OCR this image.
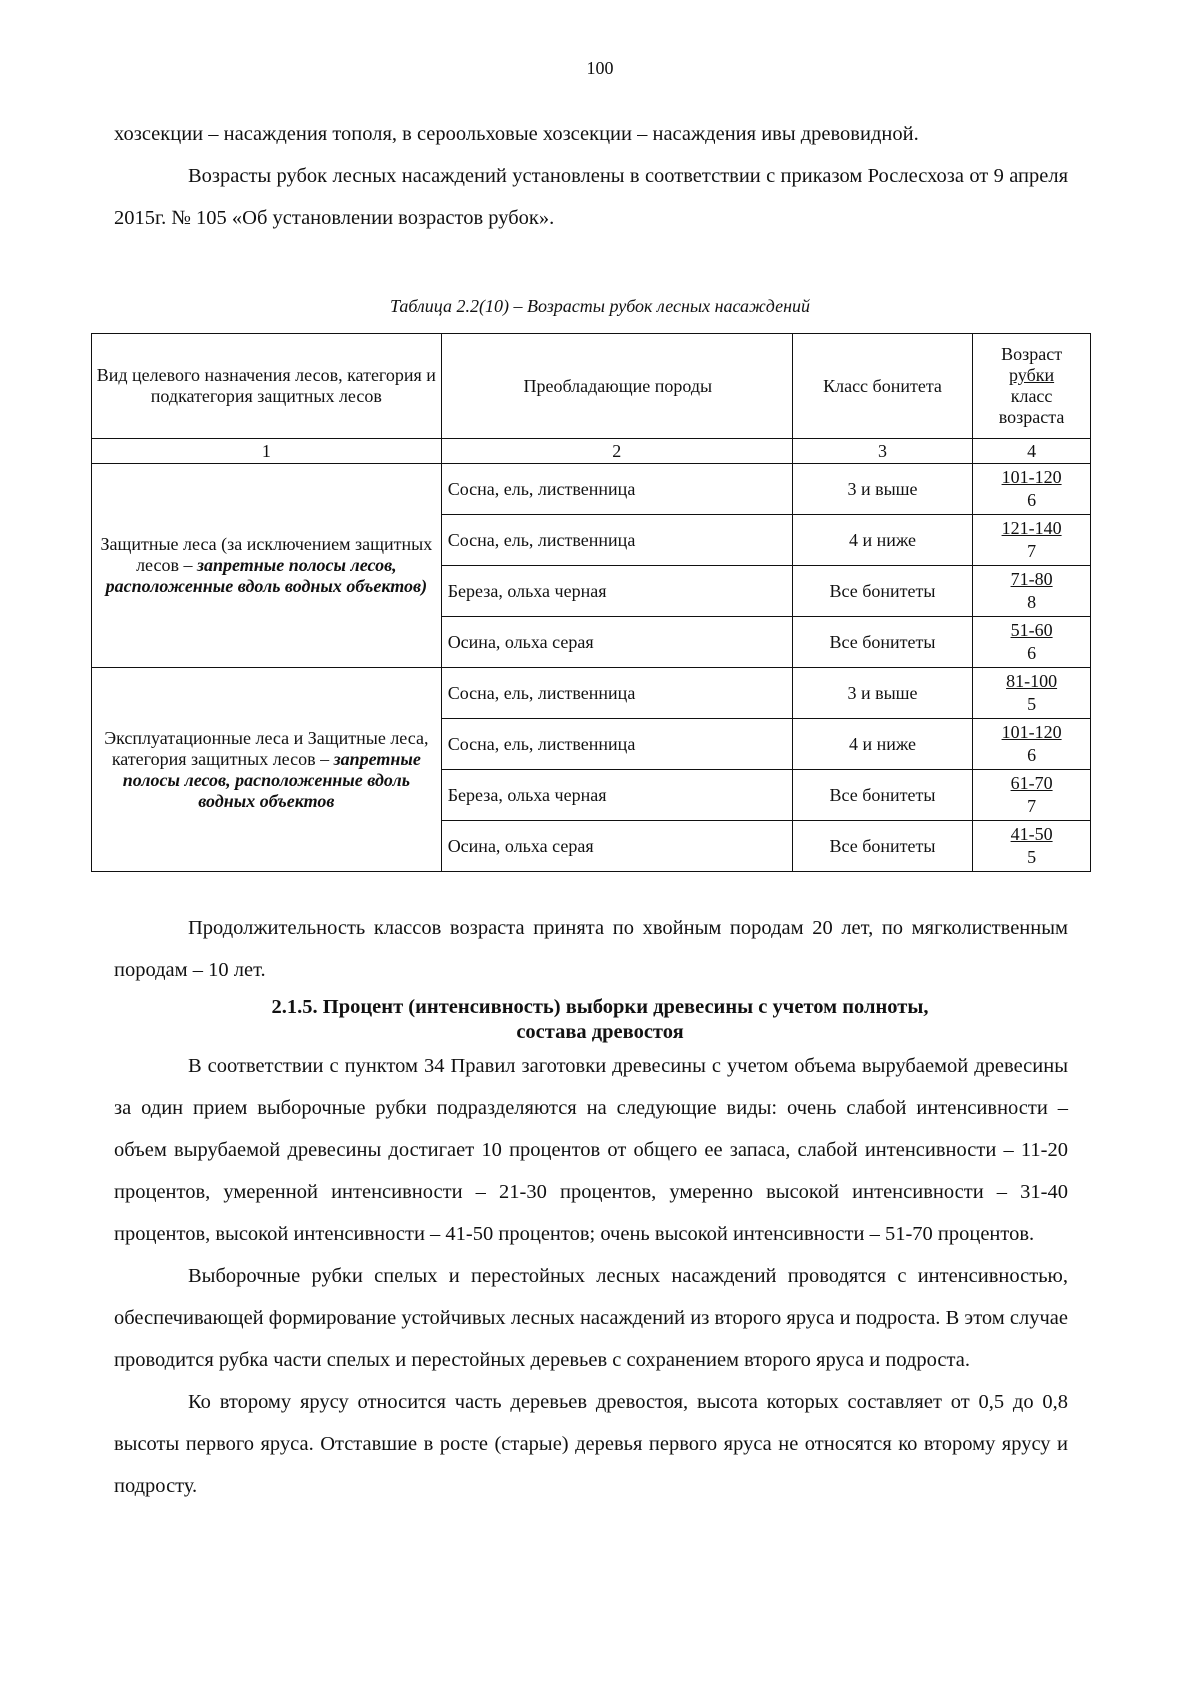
100

хозсекции – насаждения тополя, в сероольховые хозсекции – насаждения ивы древовидной.

Возрасты рубок лесных насаждений установлены в соответствии с приказом Рослесхоза от 9 апреля 2015г. № 105 «Об установлении возрастов рубок».

Таблица 2.2(10) – Возрасты рубок лесных насаждений
Вид целевого назначения лесов, категория и подкатегория защитных лесов	Преобладающие породы	Класс бонитета	Возраст
рубки
класс возраста

1	2	3	4
Защитные леса (за исключением защитных лесов – запретные полосы лесов, расположенные вдоль водных объектов)	Сосна, ель, лиственница	3 и выше	$\frac{101-120}{6}$

	Сосна, ель, лиственница	4 и ниже	$\frac{121-140}{7}$

	Береза, ольха черная	Все бонитеты	$\frac{71-80}{8}$

	Осина, ольха серая	Все бонитеты	$\frac{51-60}{6}$

Эксплуатационные леса и Защитные леса, категория защитных лесов – запретные полосы лесов, расположенные вдоль водных объектов	Сосна, ель, лиственница	3 и выше	$\frac{81-100}{5}$

	Сосна, ель, лиственница	4 и ниже	$\frac{101-120}{6}$

	Береза, ольха черная	Все бонитеты	$\frac{61-70}{7}$

	Осина, ольха серая	Все бонитеты	$\frac{41-50}{5}$

Продолжительность классов возраста принята по хвойным породам 20 лет, по мягколиственным породам – 10 лет.

2.1.5. Процент (интенсивность) выборки древесины с учетом полноты,
состава древостоя

В соответствии с пунктом 34 Правил заготовки древесины с учетом объема вырубаемой древесины за один прием выборочные рубки подразделяются на следующие виды: очень слабой интенсивности – объем вырубаемой древесины достигает 10 процентов от общего ее запаса, слабой интенсивности – 11-20 процентов, умеренной интенсивности – 21-30 процентов, умеренно высокой интенсивности – 31-40 процентов, высокой интенсивности – 41-50 процентов; очень высокой интенсивности – 51-70 процентов.

Выборочные рубки спелых и перестойных лесных насаждений проводятся с интенсивностью, обеспечивающей формирование устойчивых лесных насаждений из второго яруса и подроста. В этом случае проводится рубка части спелых и перестойных деревьев с сохранением второго яруса и подроста.

Ко второму ярусу относится часть деревьев древостоя, высота которых составляет от 0,5 до 0,8 высоты первого яруса. Отставшие в росте (старые) деревья первого яруса не относятся ко второму ярусу и подросту.
